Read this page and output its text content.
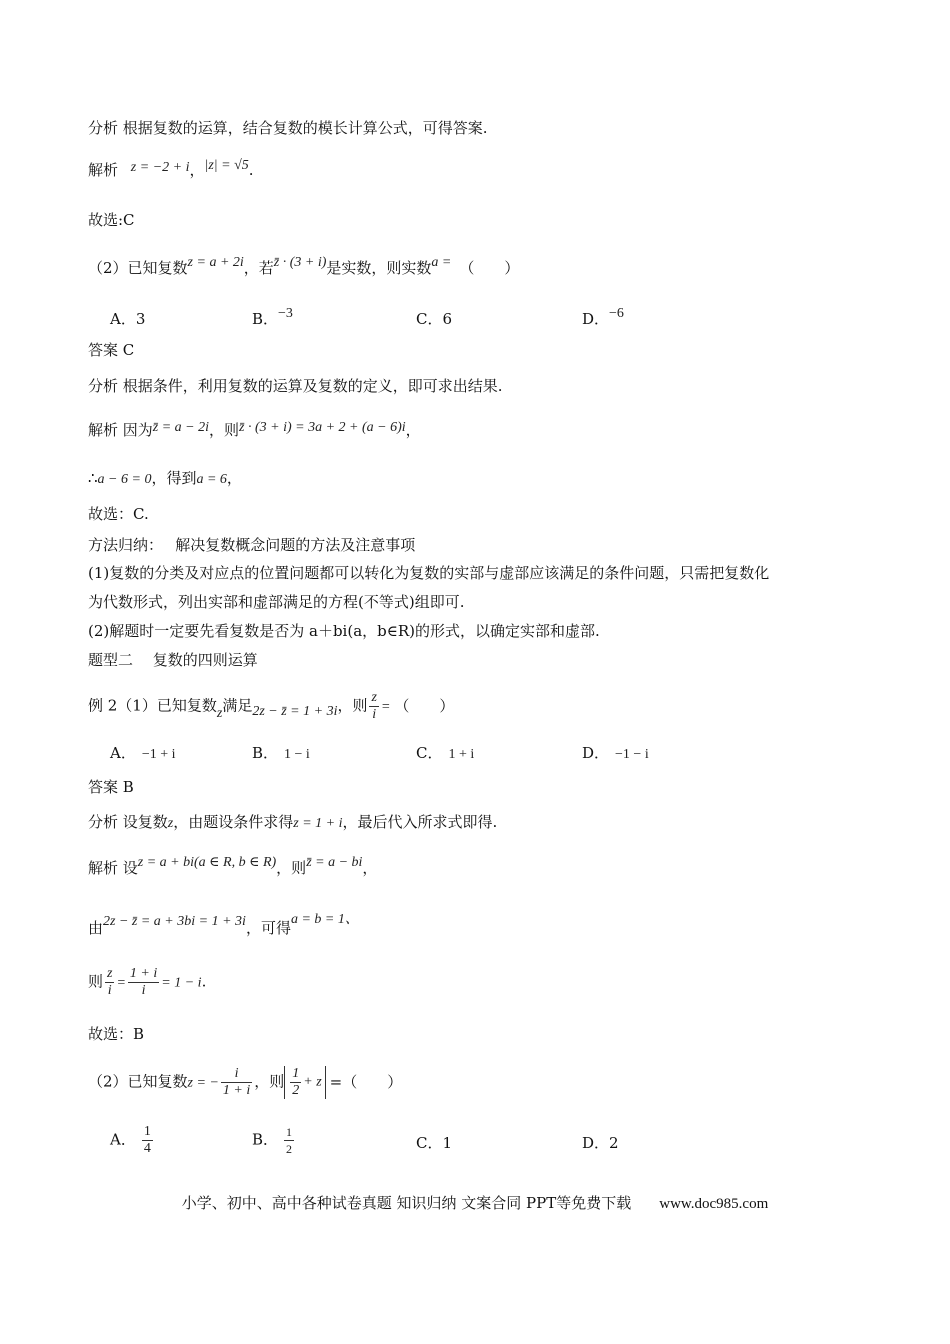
分析 根据复数的运算，结合复数的模长计算公式，可得答案.
解析 z = −2 + i，|z| = √5.
故选:C
（2）已知复数z = a + 2i，若z̄ · (3 + i)是实数，则实数a = （　　）
A．3	B．−3	C．6	D．−6
答案 C
分析 根据条件，利用复数的运算及复数的定义，即可求出结果.
解析 因为z̄ = a − 2i，则z̄ · (3 + i) = 3a + 2 + (a − 6)i，
∴a − 6 = 0，得到a = 6，
故选：C.
方法归纳：　 解决复数概念问题的方法及注意事项
(1)复数的分类及对应点的位置问题都可以转化为复数的实部与虚部应该满足的条件问题，只需把复数化
为代数形式，列出实部和虚部满足的方程(不等式)组即可.
(2)解题时一定要先看复数是否为 a＋bi(a，b∈R)的形式，以确定实部和虚部.
题型二　 复数的四则运算
例 2（1）已知复数z满足2z − z̄ = 1 + 3i，则 $\frac{z}{i}$ = （　　）
A． −1 + i	B． 1 − i	C． 1 + i	D． −1 − i
答案 B
分析 设复数z，由题设条件求得z = 1 + i，最后代入所求式即得.
解析 设z = a + bi(a ∈ R, b ∈ R)，则z̄ = a − bi，
由2z − z̄ = a + 3bi = 1 + 3i，可得a = b = 1、
则 $\frac{z}{i} = \frac{1 + i}{i} = 1 - i$.
故选：B
（2）已知复数z = − $\frac{i}{1 + i}$ ，则 $\frac{1}{2} + z$ =（　　）
A． $\frac{1}{4}$	B． $\frac{1}{2}$	C．1	D．2
小学、初中、高中各种试卷真题 知识归纳 文案合同 PPT等免费下载 www.doc985.com
